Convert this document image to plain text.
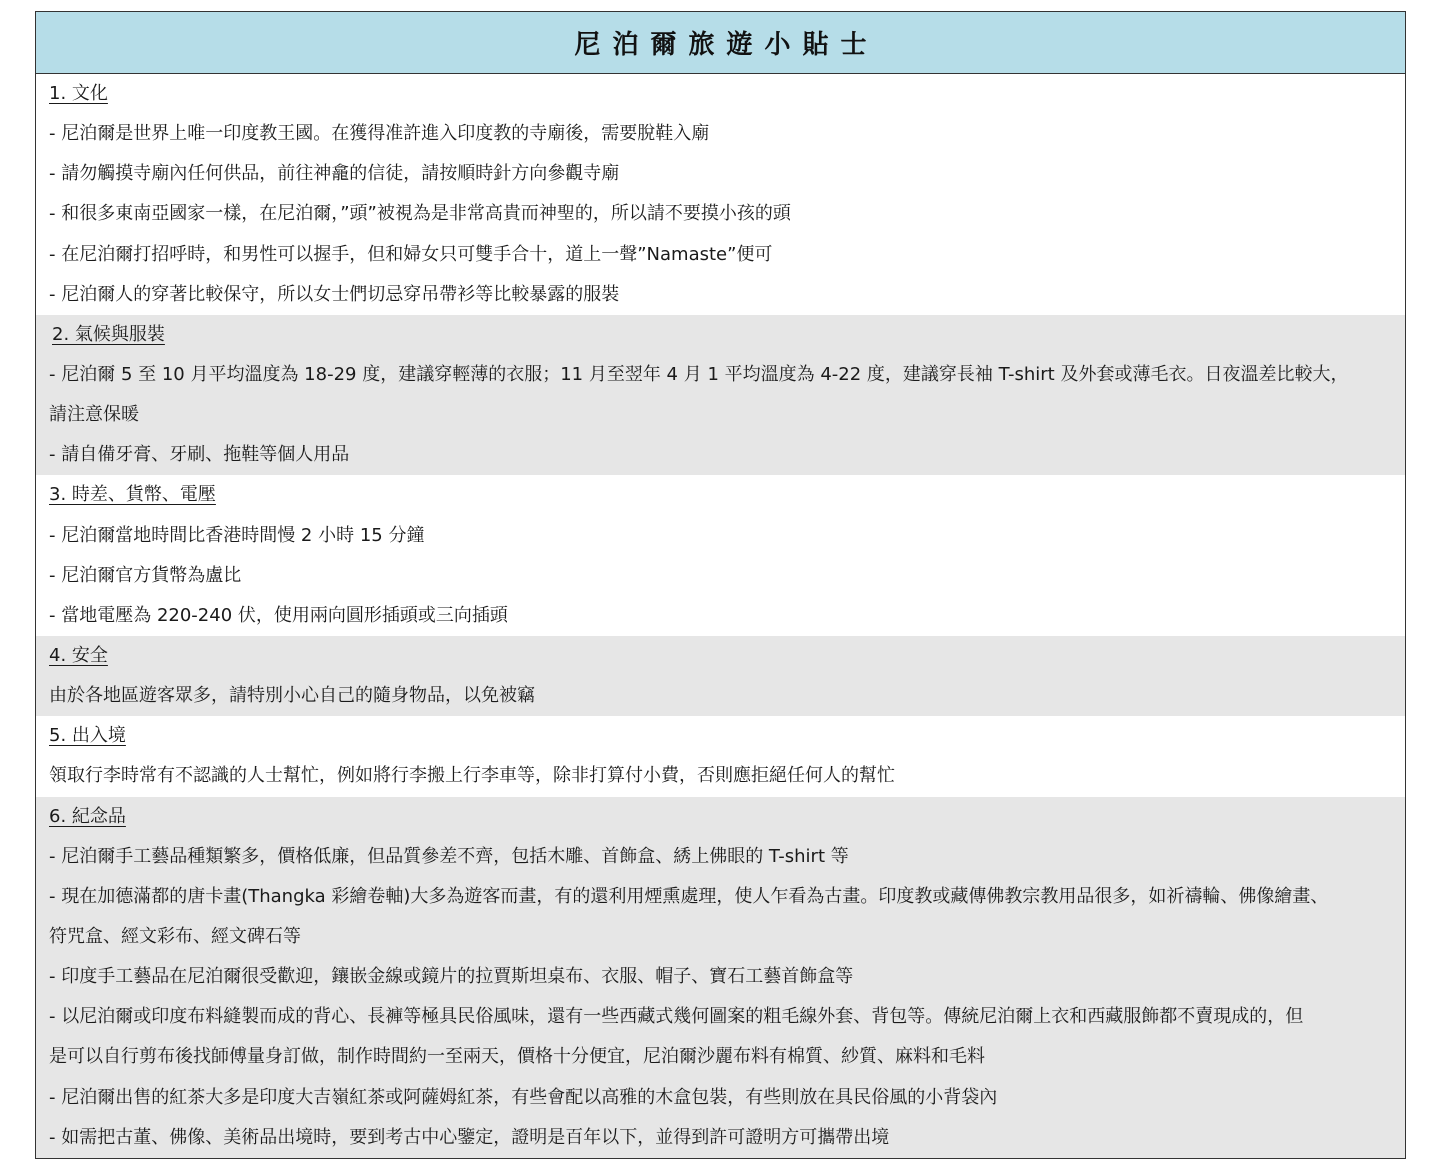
尼泊爾旅遊小貼士
1. 文化
- 尼泊爾是世界上唯一印度教王國。在獲得准許進入印度教的寺廟後，需要脫鞋入廟
- 請勿觸摸寺廟內任何供品，前往神龕的信徒，請按順時針方向參觀寺廟
- 和很多東南亞國家一樣，在尼泊爾，”頭”被視為是非常高貴而神聖的，所以請不要摸小孩的頭
- 在尼泊爾打招呼時，和男性可以握手，但和婦女只可雙手合十，道上一聲”Namaste”便可
- 尼泊爾人的穿著比較保守，所以女士們切忌穿吊帶衫等比較暴露的服裝
2. 氣候與服裝
- 尼泊爾 5 至 10 月平均溫度為 18-29 度，建議穿輕薄的衣服；11 月至翌年 4 月 1 平均溫度為 4-22 度，建議穿長袖 T-shirt 及外套或薄毛衣。日夜溫差比較大，
請注意保暖
- 請自備牙膏、牙刷、拖鞋等個人用品
3. 時差、貨幣、電壓
- 尼泊爾當地時間比香港時間慢 2 小時 15 分鐘
- 尼泊爾官方貨幣為盧比
- 當地電壓為 220-240 伏，使用兩向圓形插頭或三向插頭
4. 安全
由於各地區遊客眾多，請特別小心自己的隨身物品，以免被竊
5. 出入境
領取行李時常有不認識的人士幫忙，例如將行李搬上行李車等，除非打算付小費，否則應拒絕任何人的幫忙
6. 紀念品
- 尼泊爾手工藝品種類繁多，價格低廉，但品質參差不齊，包括木雕、首飾盒、綉上佛眼的 T-shirt 等
- 現在加德滿都的唐卡畫(Thangka 彩繪卷軸)大多為遊客而畫，有的還利用煙熏處理，使人乍看為古畫。印度教或藏傳佛教宗教用品很多，如祈禱輪、佛像繪畫、
符咒盒、經文彩布、經文碑石等
- 印度手工藝品在尼泊爾很受歡迎，鑲嵌金線或鏡片的拉賈斯坦桌布、衣服、帽子、寶石工藝首飾盒等
- 以尼泊爾或印度布料縫製而成的背心、長褲等極具民俗風味，還有一些西藏式幾何圖案的粗毛線外套、背包等。傳統尼泊爾上衣和西藏服飾都不賣現成的，但
是可以自行剪布後找師傅量身訂做，制作時間約一至兩天，價格十分便宜，尼泊爾沙麗布料有棉質、紗質、麻料和毛料
- 尼泊爾出售的紅茶大多是印度大吉嶺紅茶或阿薩姆紅茶，有些會配以高雅的木盒包裝，有些則放在具民俗風的小背袋內
- 如需把古董、佛像、美術品出境時，要到考古中心鑒定，證明是百年以下，並得到許可證明方可攜帶出境
